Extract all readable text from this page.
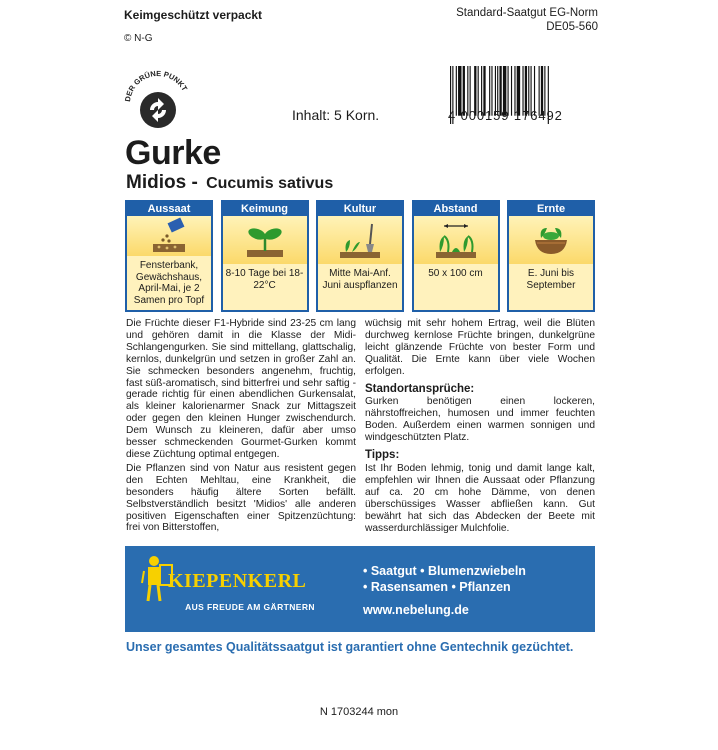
Keimgeschützt verpackt	Standard-Saatgut EG-Norm
DE05-560
© N-G
DER GRÜNE PUNKT
Inhalt: 5 Korn.	4 000159 176492
Gurke
Midios - Cucumis sativus
Aussaat
Fensterbank, Gewächshaus, April-Mai, je 2 Samen pro Topf
Keimung
8-10 Tage bei 18-22°C
Kultur
Mitte Mai-Anf. Juni auspflanzen
Abstand
50 x 100 cm
Ernte
E. Juni bis September

Die Früchte dieser F1-Hybride sind 23-25 cm lang und gehören damit in die Klasse der Midi-Schlangengurken. Sie sind mittellang, glattschalig, kernlos, dunkelgrün und setzen in großer Zahl an. Sie schmecken besonders angenehm, fruchtig, fast süß-aromatisch, sind bitterfrei und sehr saftig - gerade richtig für einen abendlichen Gurkensalat, als kleiner kalorienarmer Snack zur Mittagszeit oder gegen den kleinen Hunger zwischendurch. Dem Wunsch zu kleineren, dafür aber umso besser schmeckenden Gourmet-Gurken kommt diese Züchtung optimal entgegen.

Die Pflanzen sind von Natur aus resistent gegen den Echten Mehltau, eine Krankheit, die besonders häufig ältere Sorten befällt. Selbstverständlich besitzt 'Midios' alle anderen positiven Eigenschaften einer Spitzenzüchtung: frei von Bitterstoffen,

wüchsig mit sehr hohem Ertrag, weil die Blüten durchweg kernlose Früchte bringen, dunkelgrüne leicht glänzende Früchte von bester Form und Qualität. Die Ernte kann über viele Wochen erfolgen.

Standortansprüche:

Gurken benötigen einen lockeren, nährstoffreichen, humosen und immer feuchten Boden. Außerdem einen warmen sonnigen und windgeschützten Platz.

Tipps:

Ist Ihr Boden lehmig, tonig und damit lange kalt, empfehlen wir Ihnen die Aussaat oder Pflanzung auf ca. 20 cm hohe Dämme, von denen überschüssiges Wasser abfließen kann. Gut bewährt hat sich das Abdecken der Beete mit wasserdurchlässiger Mulchfolie.

KIEPENKERL
AUS FREUDE AM GÄRTNERN
• Saatgut • Blumenzwiebeln
• Rasensamen • Pflanzen
www.nebelung.de
Unser gesamtes Qualitätssaatgut ist garantiert ohne Gentechnik gezüchtet.
N 1703244 mon
